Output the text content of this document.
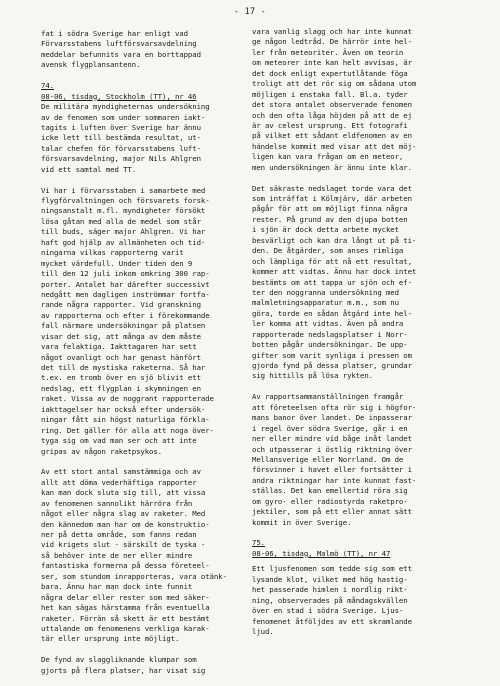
- 17 -
fat i södra Sverige har enligt vad
Förvarsstabens luftförsvarsavdelning
meddelar befunnits vara en borttappad
avensk flygplansantenn.
74.
08-06, tisdag, Stockholm (TT), nr 46
De militära myndigheternas undersökning
av de fenomen som under sommaren iakt-
tagits i luften över Sverige har ännu
icke lett till bestämda resultat, ut-
talar chefen för förvarsstabens luft-
försvarsavdelning, major Nils Ahlgren
vid ett samtal med TT.
Vi har i förvarsstaben i samarbete med
flygförvaltningen och försvarets forsk-
ningsanstalt m.fl. myndigheter försökt
lösa gåtan med alla de medel som står
till buds, säger major Ahlgren. Vi har
haft god hjälp av allmänheten och tid-
ningarna vilkas rapporterng varit
mycket värdefull. Under tiden den 9
till den 12 juli inkom omkring 300 rap-
porter. Antalet har därefter successivt
nedgått men dagligen inströmmar fortfa-
rande några rapporter. Vid granskning
av rapporterna och efter i förekommande
fall närmare undersökningar på platsen
visar det sig, att många av dem måste
vara felaktiga. Iakttagaren har sett
något ovanligt och har genast hänfört
det till de mystiska raketerna. Så har
t.ex. en tromb över en sjö blivit ett
nedslag, ett flygplan i skymningen en
raket. Vissa av de noggrant rapporterade
iakttagelser har också efter undersök-
ningar fått sin högst naturliga förkla-
ring. Det gäller för alla att noga över-
tyga sig om vad man ser och att inte
gripas av någon raketpsykos.
Av ett stort antal samstämmiga och av
allt att döma vederhäftiga rapporter
kan man dock sluta sig till, att vissa
av fenomenen sannolikt härröra från
något eller några slag av raketer. Med
den kännedom man har om de konstruktio-
ner på detta område, som fanns redan
vid krigets slut - särskilt de tyska -
så behöver inte de ner eller mindre
fantastiska formerna på dessa företeel-
ser, som stundom inrapporteras, vara otänk-
bara. Ännu har man dock inte funnit
några delar eller rester som med säker-
het kan sägas härstamma från eventuella
raketer. Förrän så skett är ett bestämt
uttalande om fenomenens verkliga karak-
tär eller ursprung inte möjligt.
De fynd av slaggliknande klumpar som
gjorts på flera platser, har visat sig
vara vanlig slagg och har inte kunnat
ge någon ledtråd. De härrör inte hel-
ler från meteoriter. Även om teorin
om meteorer inte kan helt avvisas, är
det dock enligt expertutlåtande föga
troligt att det rör sig om sådana utom
möjligen i enstaka fall. Bl.a. tyder
det stora antalet observerade fenomen
och den ofta låga höjden på att de ej
är av celest ursprung. Ett fotografi
på vilket ett sådant eldfenomen av en
händelse kommit med visar att det möj-
ligen kan vara frågan om en meteor,
men undersökningen är ännu inte klar.
Det säkraste nedslaget torde vara det
som inträffat i Kölmjärv, där arbeten
pågår för att om möjligt finna några
rester. På grund av den djupa botten
i sjön är dock detta arbete mycket
besvärligt och kan dra långt ut på ti-
den. De åtgärder, som anses rimliga
och lämpliga för att nå ett resultat,
kommer att vidtas. Ännu har dock intet
bestämts om att tappa ur sjön och ef-
ter den noggranna undersökning med
malmletningsapparatur m.m., som nu
göra, torde en sådan åtgärd inte hel-
ler komma att vidtas. Även på andra
rapporterade nedslagsplatser i Norr-
botten pågår undersökningar. De upp-
gifter som varit synliga i pressen om
gjorda fynd på dessa platser, grundar
sig hittills på lösa rykten.
Av rapportsammanställningen framgår
att företeelsen ofta rör sig i högfor-
mans banor över landet. De inpasserar
i regel över södra Sverige, går i en
ner eller mindre vid båge inåt landet
och utpasserar i östlig riktning över
Mellansverige eller Norrland. Om de
försvinner i havet eller fortsätter i
andra riktningar har inte kunnat fast-
ställas. Det kan emellertid röra sig
om gyro- eller radiostyrda raketpro-
jektiler, som på ett eller annat sätt
kommit in över Sverige.
75.
08-06, tisdag, Malmö (TT), nr 47
Ett ljusfenomen som tedde sig som ett
lysande klot, vilket med hög hastig-
het passerade himlen i nordlig rikt-
ning, observerades på måndagskvällen
över en stad i södra Sverige. Ljus-
fenomenet åtföljdes av ett skramlande
ljud.
